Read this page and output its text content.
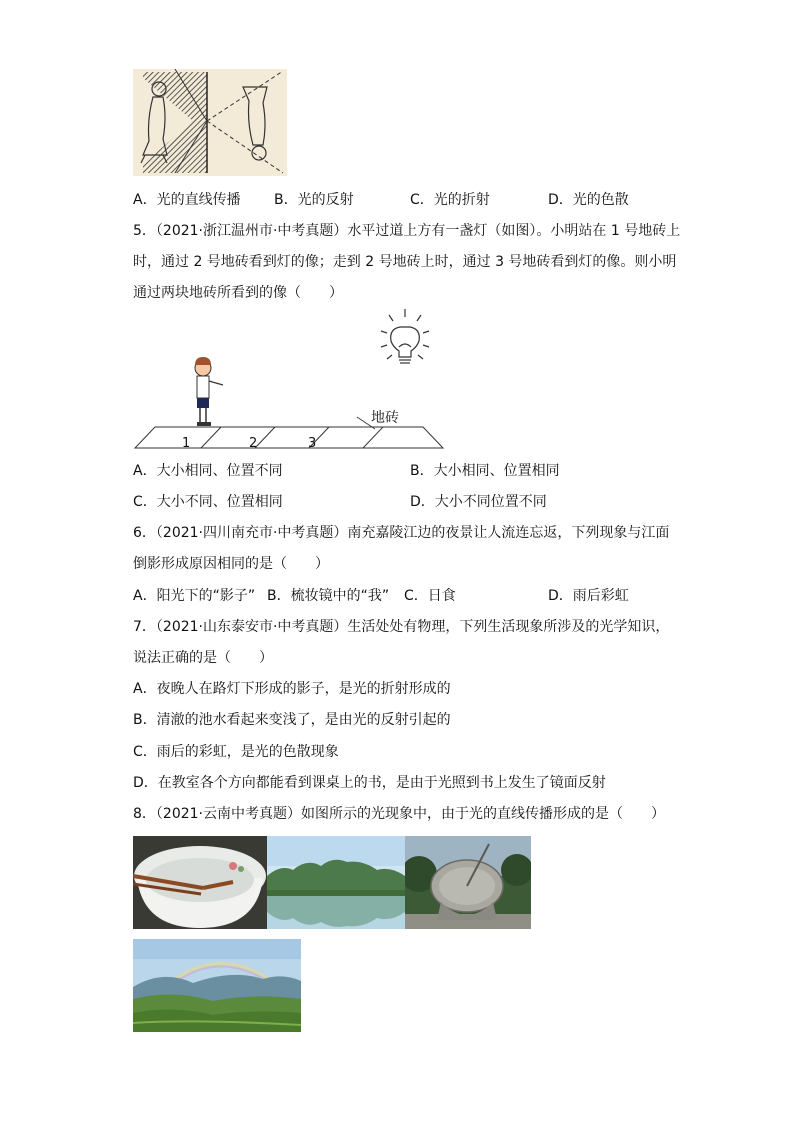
A．光的直线传播 B．光的反射	C．光的折射	D．光的色散
5．（2021·浙江温州市·中考真题）水平过道上方有一盏灯（如图）。小明站在 1 号地砖上
时，通过 2 号地砖看到灯的像；走到 2 号地砖上时，通过 3 号地砖看到灯的像。则小明
通过两块地砖所看到的像（　　）
地砖
1	2	3
A．大小相同、位置不同	B．大小相同、位置相同
C．大小不同、位置相同	D．大小不同位置不同
6．（2021·四川南充市·中考真题）南充嘉陵江边的夜景让人流连忘返，下列现象与江面
倒影形成原因相同的是（　　）
A．阳光下的“影子” B．梳妆镜中的“我” C．日食	D．雨后彩虹
7．（2021·山东泰安市·中考真题）生活处处有物理，下列生活现象所涉及的光学知识，
说法正确的是（　　）
A．夜晚人在路灯下形成的影子，是光的折射形成的
B．清澈的池水看起来变浅了，是由光的反射引起的
C．雨后的彩虹，是光的色散现象
D．在教室各个方向都能看到课桌上的书，是由于光照到书上发生了镜面反射
8．（2021·云南中考真题）如图所示的光现象中，由于光的直线传播形成的是（　　）
